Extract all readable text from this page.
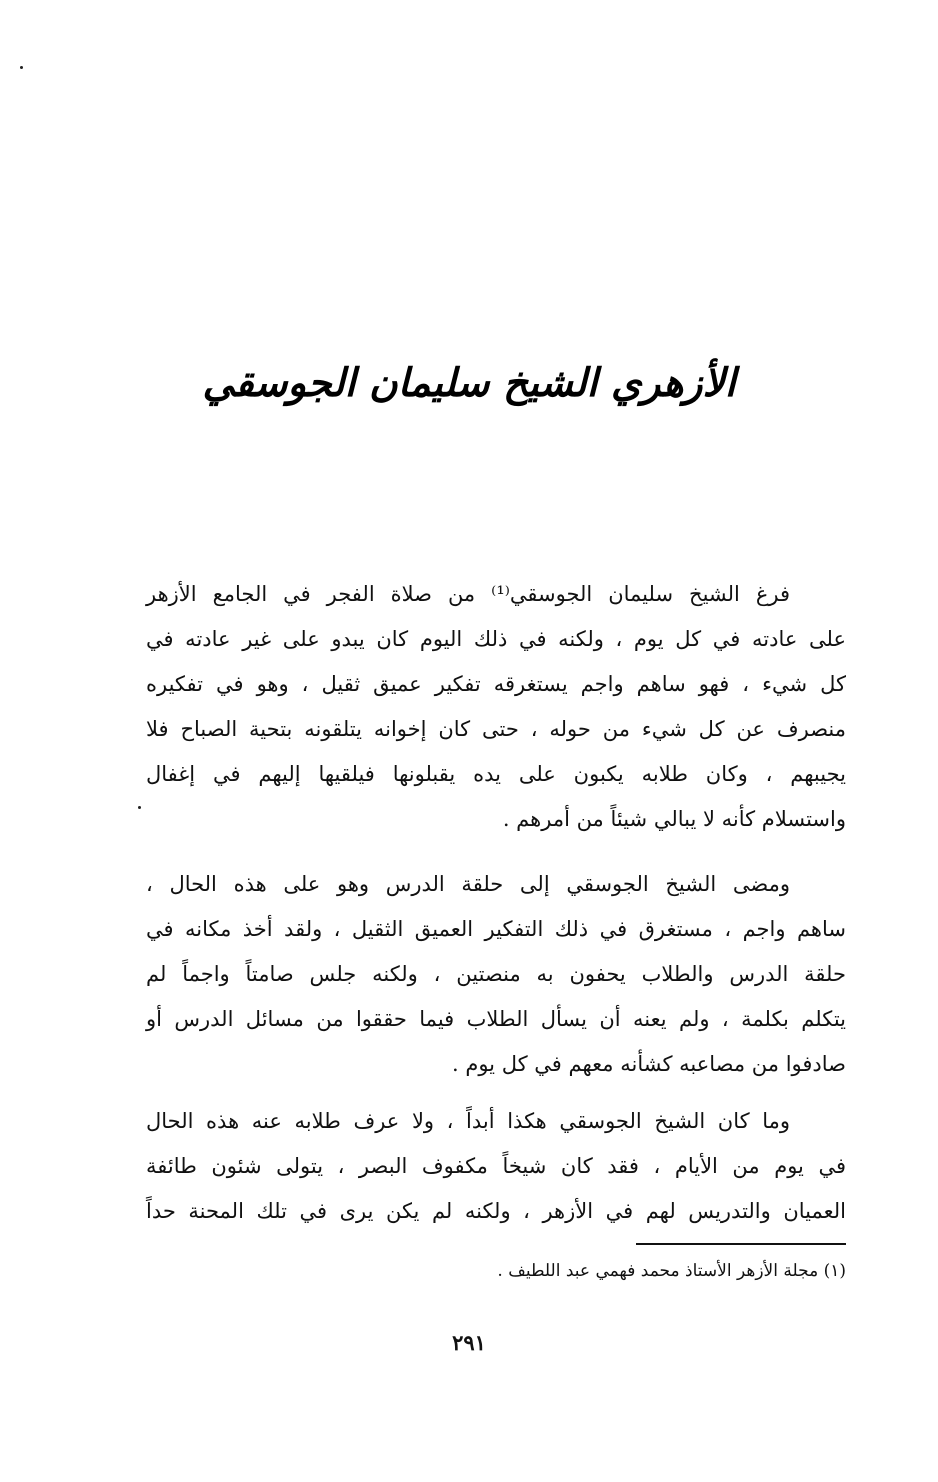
الأزهري الشيخ سليمان الجوسقي
فرغ الشيخ سليمان الجوسقي⁽¹⁾ من صلاة الفجر في الجامع الأزهر
على عادته في كل يوم ، ولكنه في ذلك اليوم كان يبدو على غير عادته في
كل شيء ، فهو ساهم واجم يستغرقه تفكير عميق ثقيل ، وهو في تفكيره
منصرف عن كل شيء من حوله ، حتى كان إخوانه يتلقونه بتحية الصباح فلا
يجيبهم ، وكان طلابه يكبون على يده يقبلونها فيلقيها إليهم في إغفال
واستسلام كأنه لا يبالي شيئاً من أمرهم .
ومضى الشيخ الجوسقي إلى حلقة الدرس وهو على هذه الحال ،
ساهم واجم ، مستغرق في ذلك التفكير العميق الثقيل ، ولقد أخذ مكانه في
حلقة الدرس والطلاب يحفون به منصتين ، ولكنه جلس صامتاً واجماً لم
يتكلم بكلمة ، ولم يعنه أن يسأل الطلاب فيما حققوا من مسائل الدرس أو
صادفوا من مصاعبه كشأنه معهم في كل يوم .
وما كان الشيخ الجوسقي هكذا أبداً ، ولا عرف طلابه عنه هذه الحال
في يوم من الأيام ، فقد كان شيخاً مكفوف البصر ، يتولى شئون طائفة
العميان والتدريس لهم في الأزهر ، ولكنه لم يكن يرى في تلك المحنة حداً
(١) مجلة الأزهر الأستاذ محمد فهمي عبد اللطيف .
٢٩١
